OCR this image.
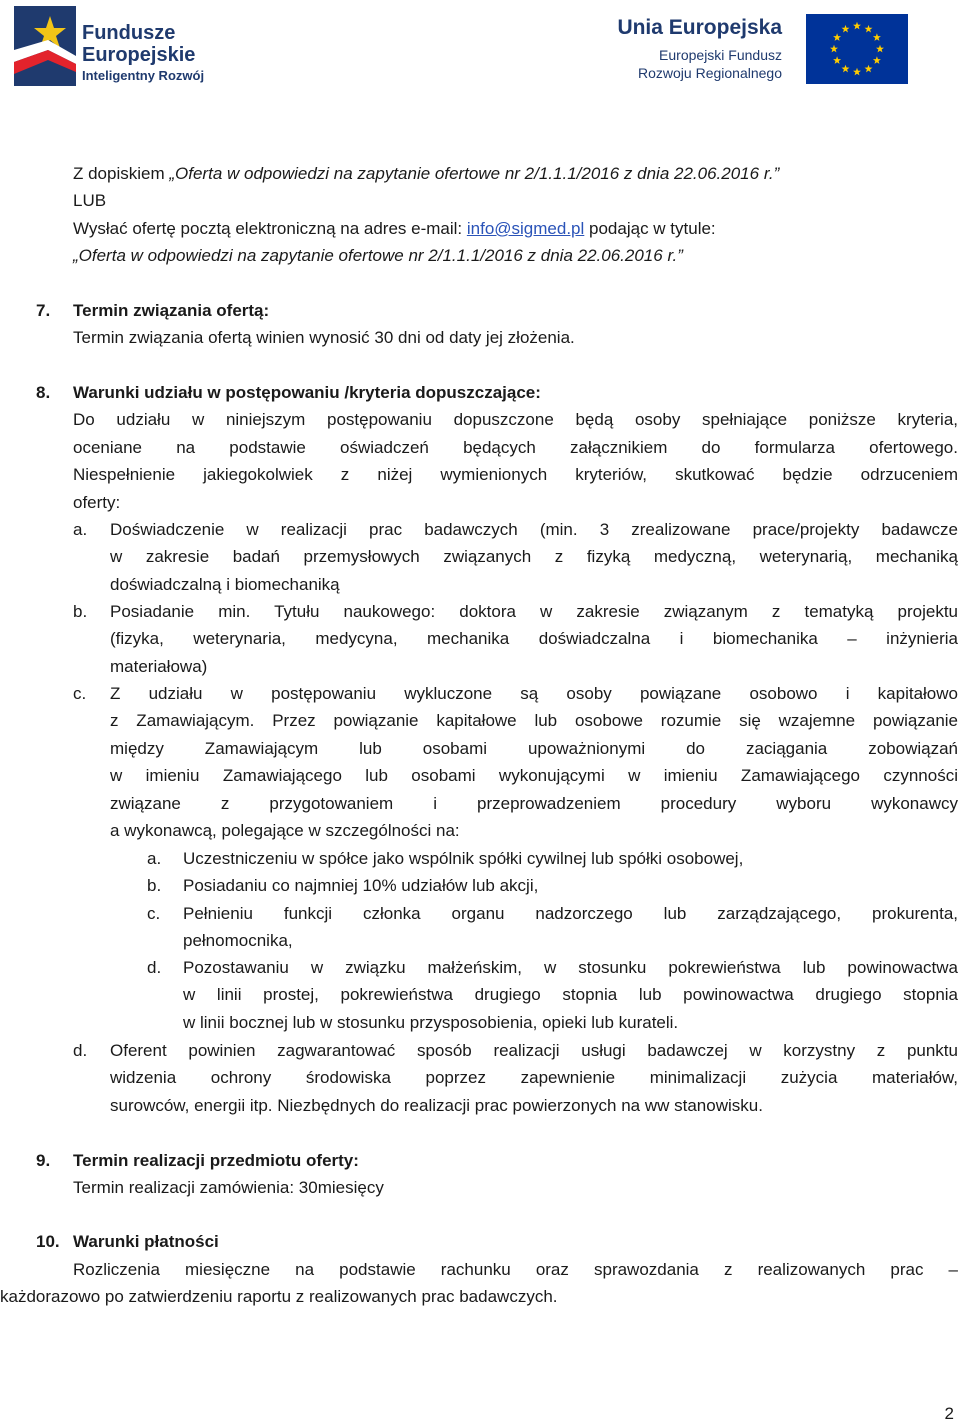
Fundusze
Europejskie
Inteligentny Rozwój
Unia Europejska
Europejski Fundusz
Rozwoju Regionalnego
Z dopiskiem „Oferta w odpowiedzi na zapytanie ofertowe nr 2/1.1.1/2016 z dnia 22.06.2016 r.”
LUB
Wysłać ofertę pocztą elektroniczną na adres e-mail: info@sigmed.pl podając w tytule:
„Oferta w odpowiedzi na zapytanie ofertowe nr 2/1.1.1/2016 z dnia 22.06.2016 r.”
7. Termin związania ofertą:
Termin związania ofertą winien wynosić 30 dni od daty jej złożenia.
8. Warunki udziału w postępowaniu /kryteria dopuszczające:
Do udziału w niniejszym postępowaniu dopuszczone będą osoby spełniające poniższe kryteria,
oceniane na podstawie oświadczeń będących załącznikiem do formularza ofertowego.
Niespełnienie jakiegokolwiek z niżej wymienionych kryteriów, skutkować będzie odrzuceniem
oferty:
a. Doświadczenie w realizacji prac badawczych (min. 3 zrealizowane prace/projekty badawcze
w zakresie badań przemysłowych związanych z fizyką medyczną, weterynarią, mechaniką
doświadczalną i biomechaniką
b. Posiadanie min. Tytułu naukowego: doktora w zakresie związanym z tematyką projektu
(fizyka, weterynaria, medycyna, mechanika doświadczalna i biomechanika – inżynieria
materiałowa)
c. Z udziału w postępowaniu wykluczone są osoby powiązane osobowo i kapitałowo
z Zamawiającym. Przez powiązanie kapitałowe lub osobowe rozumie się wzajemne powiązanie
między Zamawiającym lub osobami upoważnionymi do zaciągania zobowiązań
w imieniu Zamawiającego lub osobami wykonującymi w imieniu Zamawiającego czynności
związane z przygotowaniem i przeprowadzeniem procedury wyboru wykonawcy
a wykonawcą, polegające w szczególności na:
a. Uczestniczeniu w spółce jako wspólnik spółki cywilnej lub spółki osobowej,
b. Posiadaniu co najmniej 10% udziałów lub akcji,
c. Pełnieniu funkcji członka organu nadzorczego lub zarządzającego, prokurenta,
pełnomocnika,
d. Pozostawaniu w związku małżeńskim, w stosunku pokrewieństwa lub powinowactwa
w linii prostej, pokrewieństwa drugiego stopnia lub powinowactwa drugiego stopnia
w linii bocznej lub w stosunku przysposobienia, opieki lub kurateli.
d. Oferent powinien zagwarantować sposób realizacji usługi badawczej w korzystny z punktu
widzenia ochrony środowiska poprzez zapewnienie minimalizacji zużycia materiałów,
surowców, energii itp. Niezbędnych do realizacji prac powierzonych na ww stanowisku.
9. Termin realizacji przedmiotu oferty:
Termin realizacji zamówienia: 30miesięcy
10. Warunki płatności
Rozliczenia miesięczne na podstawie rachunku oraz sprawozdania z realizowanych prac –
każdorazowo po zatwierdzeniu raportu z realizowanych prac badawczych.
2
